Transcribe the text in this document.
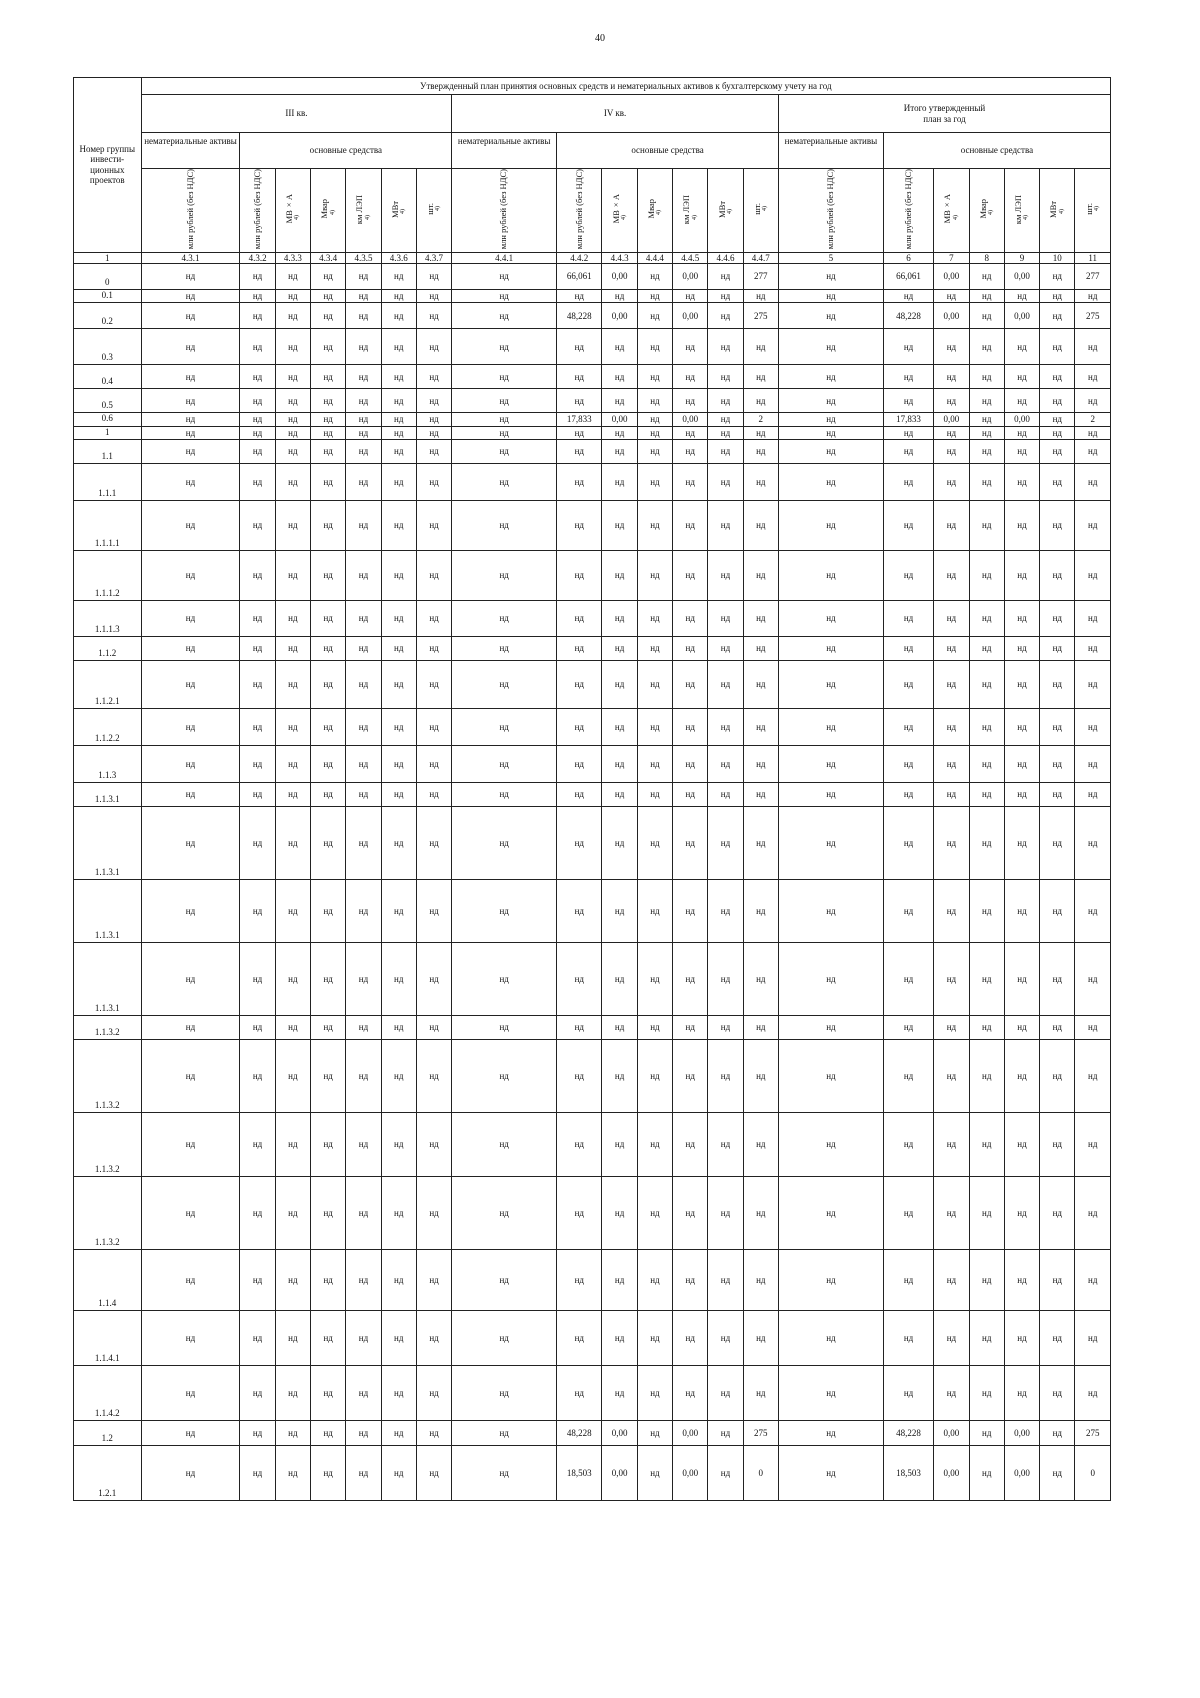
40
Номер группы инвести-ционных проектов	Утвержденный план принятия основных средств и нематериальных активов к бухгалтерскому учету на год																				
	III кв.							IV кв.							Итого утвержденный план за год						
	нематериальные активы	основные средства						нематериальные активы	основные средства						нематериальные активы	основные средства					
	млн рублей (без НДС)	млн рублей (без НДС)	МВ×А4)	Мвар4)	км ЛЭП4)	МВт4)	шт.4)	млн рублей (без НДС)	млн рублей (без НДС)	МВ×А4)	Мвар4)	км ЛЭП4)	МВт4)	шт.4)	млн рублей (без НДС)	млн рублей (без НДС)	МВ×А4)	Мвар4)	км ЛЭП4)	МВт4)	шт.4)
1	4.3.1	4.3.2	4.3.3	4.3.4	4.3.5	4.3.6	4.3.7	4.4.1	4.4.2	4.4.3	4.4.4	4.4.5	4.4.6	4.4.7	5	6	7	8	9	10	11
0	нд	нд	нд	нд	нд	нд	нд	нд	66,061	0,00	нд	0,00	нд	277	нд	66,061	0,00	нд	0,00	нд	277
0.1	нд	нд	нд	нд	нд	нд	нд	нд	нд	нд	нд	нд	нд	нд	нд	нд	нд	нд	нд	нд	нд
0.2	нд	нд	нд	нд	нд	нд	нд	нд	48,228	0,00	нд	0,00	нд	275	нд	48,228	0,00	нд	0,00	нд	275
0.3	нд	нд	нд	нд	нд	нд	нд	нд	нд	нд	нд	нд	нд	нд	нд	нд	нд	нд	нд	нд	нд
0.4	нд	нд	нд	нд	нд	нд	нд	нд	нд	нд	нд	нд	нд	нд	нд	нд	нд	нд	нд	нд	нд
0.5	нд	нд	нд	нд	нд	нд	нд	нд	нд	нд	нд	нд	нд	нд	нд	нд	нд	нд	нд	нд	нд
0.6	нд	нд	нд	нд	нд	нд	нд	нд	17,833	0,00	нд	0,00	нд	2	нд	17,833	0,00	нд	0,00	нд	2
1	нд	нд	нд	нд	нд	нд	нд	нд	нд	нд	нд	нд	нд	нд	нд	нд	нд	нд	нд	нд	нд
1.1	нд	нд	нд	нд	нд	нд	нд	нд	нд	нд	нд	нд	нд	нд	нд	нд	нд	нд	нд	нд	нд
1.1.1	нд	нд	нд	нд	нд	нд	нд	нд	нд	нд	нд	нд	нд	нд	нд	нд	нд	нд	нд	нд	нд
1.1.1.1	нд	нд	нд	нд	нд	нд	нд	нд	нд	нд	нд	нд	нд	нд	нд	нд	нд	нд	нд	нд	нд
1.1.1.2	нд	нд	нд	нд	нд	нд	нд	нд	нд	нд	нд	нд	нд	нд	нд	нд	нд	нд	нд	нд	нд
1.1.1.3	нд	нд	нд	нд	нд	нд	нд	нд	нд	нд	нд	нд	нд	нд	нд	нд	нд	нд	нд	нд	нд
1.1.2	нд	нд	нд	нд	нд	нд	нд	нд	нд	нд	нд	нд	нд	нд	нд	нд	нд	нд	нд	нд	нд
1.1.2.1	нд	нд	нд	нд	нд	нд	нд	нд	нд	нд	нд	нд	нд	нд	нд	нд	нд	нд	нд	нд	нд
1.1.2.2	нд	нд	нд	нд	нд	нд	нд	нд	нд	нд	нд	нд	нд	нд	нд	нд	нд	нд	нд	нд	нд
1.1.3	нд	нд	нд	нд	нд	нд	нд	нд	нд	нд	нд	нд	нд	нд	нд	нд	нд	нд	нд	нд	нд
1.1.3.1	нд	нд	нд	нд	нд	нд	нд	нд	нд	нд	нд	нд	нд	нд	нд	нд	нд	нд	нд	нд	нд
1.1.3.1	нд	нд	нд	нд	нд	нд	нд	нд	нд	нд	нд	нд	нд	нд	нд	нд	нд	нд	нд	нд	нд
1.1.3.1	нд	нд	нд	нд	нд	нд	нд	нд	нд	нд	нд	нд	нд	нд	нд	нд	нд	нд	нд	нд	нд
1.1.3.1	нд	нд	нд	нд	нд	нд	нд	нд	нд	нд	нд	нд	нд	нд	нд	нд	нд	нд	нд	нд	нд
1.1.3.2	нд	нд	нд	нд	нд	нд	нд	нд	нд	нд	нд	нд	нд	нд	нд	нд	нд	нд	нд	нд	нд
1.1.3.2	нд	нд	нд	нд	нд	нд	нд	нд	нд	нд	нд	нд	нд	нд	нд	нд	нд	нд	нд	нд	нд
1.1.3.2	нд	нд	нд	нд	нд	нд	нд	нд	нд	нд	нд	нд	нд	нд	нд	нд	нд	нд	нд	нд	нд
1.1.3.2	нд	нд	нд	нд	нд	нд	нд	нд	нд	нд	нд	нд	нд	нд	нд	нд	нд	нд	нд	нд	нд
1.1.4	нд	нд	нд	нд	нд	нд	нд	нд	нд	нд	нд	нд	нд	нд	нд	нд	нд	нд	нд	нд	нд
1.1.4.1	нд	нд	нд	нд	нд	нд	нд	нд	нд	нд	нд	нд	нд	нд	нд	нд	нд	нд	нд	нд	нд
1.1.4.2	нд	нд	нд	нд	нд	нд	нд	нд	нд	нд	нд	нд	нд	нд	нд	нд	нд	нд	нд	нд	нд
1.2	нд	нд	нд	нд	нд	нд	нд	нд	48,228	0,00	нд	0,00	нд	275	нд	48,228	0,00	нд	0,00	нд	275
1.2.1	нд	нд	нд	нд	нд	нд	нд	нд	18,503	0,00	нд	0,00	нд	0	нд	18,503	0,00	нд	0,00	нд	0
